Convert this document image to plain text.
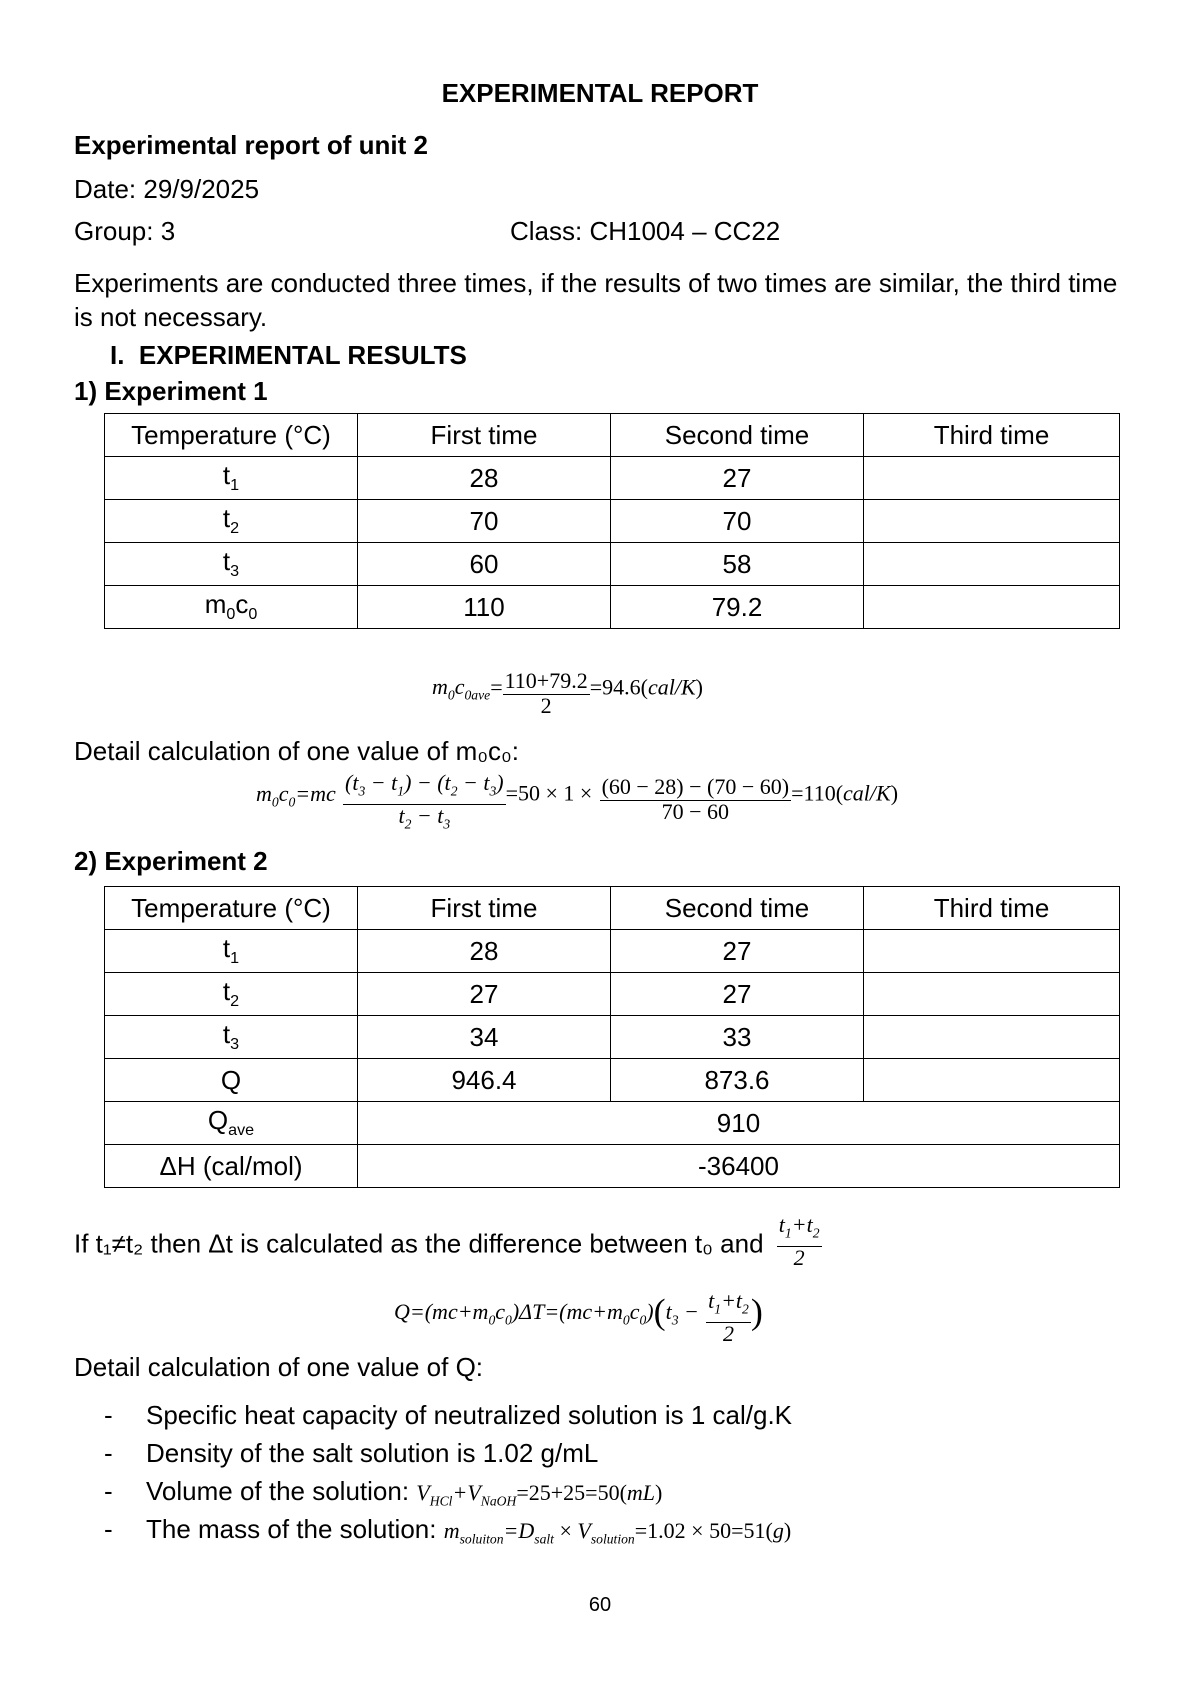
EXPERIMENTAL REPORT
Experimental report of unit 2
Date: 29/9/2025
Group: 3	Class: CH1004 – CC22
Experiments are conducted three times, if the results of two times are similar, the third time is not necessary.
I. EXPERIMENTAL RESULTS
1) Experiment 1
Temperature (°C)	First time	Second time	Third time
$t_1$	28	27	
$t_2$	70	70	
$t_3$	60	58	
$m_0c_0$	110	79.2	
$m_0c_{0ave}= \frac{110+79.2}{2} =94.6(cal/K)$
Detail calculation of one value of m₀c₀:
$m_0c_0=mc \frac{(t_3 - t_1) - (t_2 - t_3)}{t_2 - t_3} =50 \times 1 \times \frac{(60 - 28) - (70 - 60)}{70 - 60} =110(cal/K)$
2) Experiment 2
Temperature (°C)	First time	Second time	Third time
$t_1$	28	27	
$t_2$	27	27	
$t_3$	34	33	
Q	946.4	873.6	
$Q_{ave}$	910		
ΔH (cal/mol)	-36400		
If t₁≠t₂ then Δt is calculated as the difference between t₀ and $\frac{t_1+t_2}{2}$
$Q=(mc+m_0c_0)\Delta T=(mc+m_0c_0)(t_3 - \frac{t_1+t_2}{2}$ )
Detail calculation of one value of Q:
- Specific heat capacity of neutralized solution is 1 cal/g.K
- Density of the salt solution is 1.02 g/mL
- Volume of the solution: $V_{HCl}+V_{NaOH}=25+25=50(mL)$
- The mass of the solution: $m_{soluiton}=D_{salt} \times V_{solution}=1.02 \times 50=51(g)$
60
